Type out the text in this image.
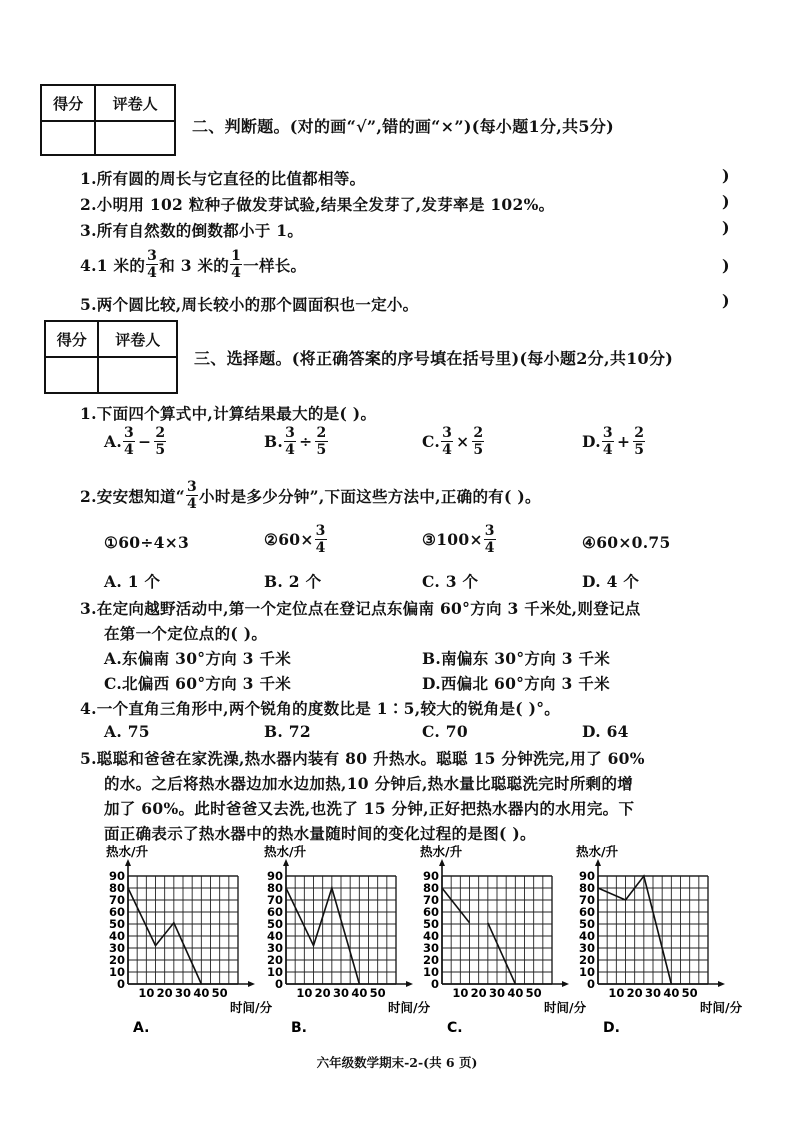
得分	评卷人

二、判断题。(对的画“√”,错的画“×”)(每小题1分,共5分)
1.所有圆的周长与它直径的比值都相等。	)
2.小明用 102 粒种子做发芽试验,结果全发芽了,发芽率是 102%。	)
3.所有自然数的倒数都小于 1。	)
4.1 米的 $\frac{3}{4}$ 和 3 米的 $\frac{1}{4}$ 一样长。	)
5.两个圆比较,周长较小的那个圆面积也一定小。	)
得分	评卷人

三、选择题。(将正确答案的序号填在括号里)(每小题2分,共10分)
1.下面四个算式中,计算结果最大的是( )。
A. $\frac{3}{4} - \frac{2}{5}$	B. $\frac{3}{4} \div \frac{2}{5}$	C. $\frac{3}{4} \times \frac{2}{5}$	D. $\frac{3}{4} + \frac{2}{5}$
2.安安想知道“ $\frac{3}{4}$ 小时是多少分钟”,下面这些方法中,正确的有( )。
①60÷4×3	②60× $\frac{3}{4}$	③100× $\frac{3}{4}$	④60×0.75
A. 1 个	B. 2 个	C. 3 个	D. 4 个
3.在定向越野活动中,第一个定位点在登记点东偏南 60°方向 3 千米处,则登记点
在第一个定位点的( )。
A.东偏南 30°方向 3 千米	B.南偏东 30°方向 3 千米
C.北偏西 60°方向 3 千米	D.西偏北 60°方向 3 千米
4.一个直角三角形中,两个锐角的度数比是 1∶5,较大的锐角是( )°。
A. 75	B. 72	C. 70	D. 64
5.聪聪和爸爸在家洗澡,热水器内装有 80 升热水。聪聪 15 分钟洗完,用了 60%
的水。之后将热水器边加水边加热,10 分钟后,热水量比聪聪洗完时所剩的增
加了 60%。此时爸爸又去洗,也洗了 15 分钟,正好把热水器内的水用完。下
面正确表示了热水器中的热水量随时间的变化过程的是图( )。
0
10
20
30
40
50
60
70
80
90
10 20 30 40 50
热水/升
时间/分
A.
0
10
20
30
40
50
60
70
80
90
10 20 30 40 50
热水/升
时间/分
B.
0
10
20
30
40
50
60
70
80
90
10 20 30 40 50
热水/升
时间/分
C.
0
10
20
30
40
50
60
70
80
90
10 20 30 40 50
热水/升
时间/分
D.
六年级数学期末-2-(共 6 页)
